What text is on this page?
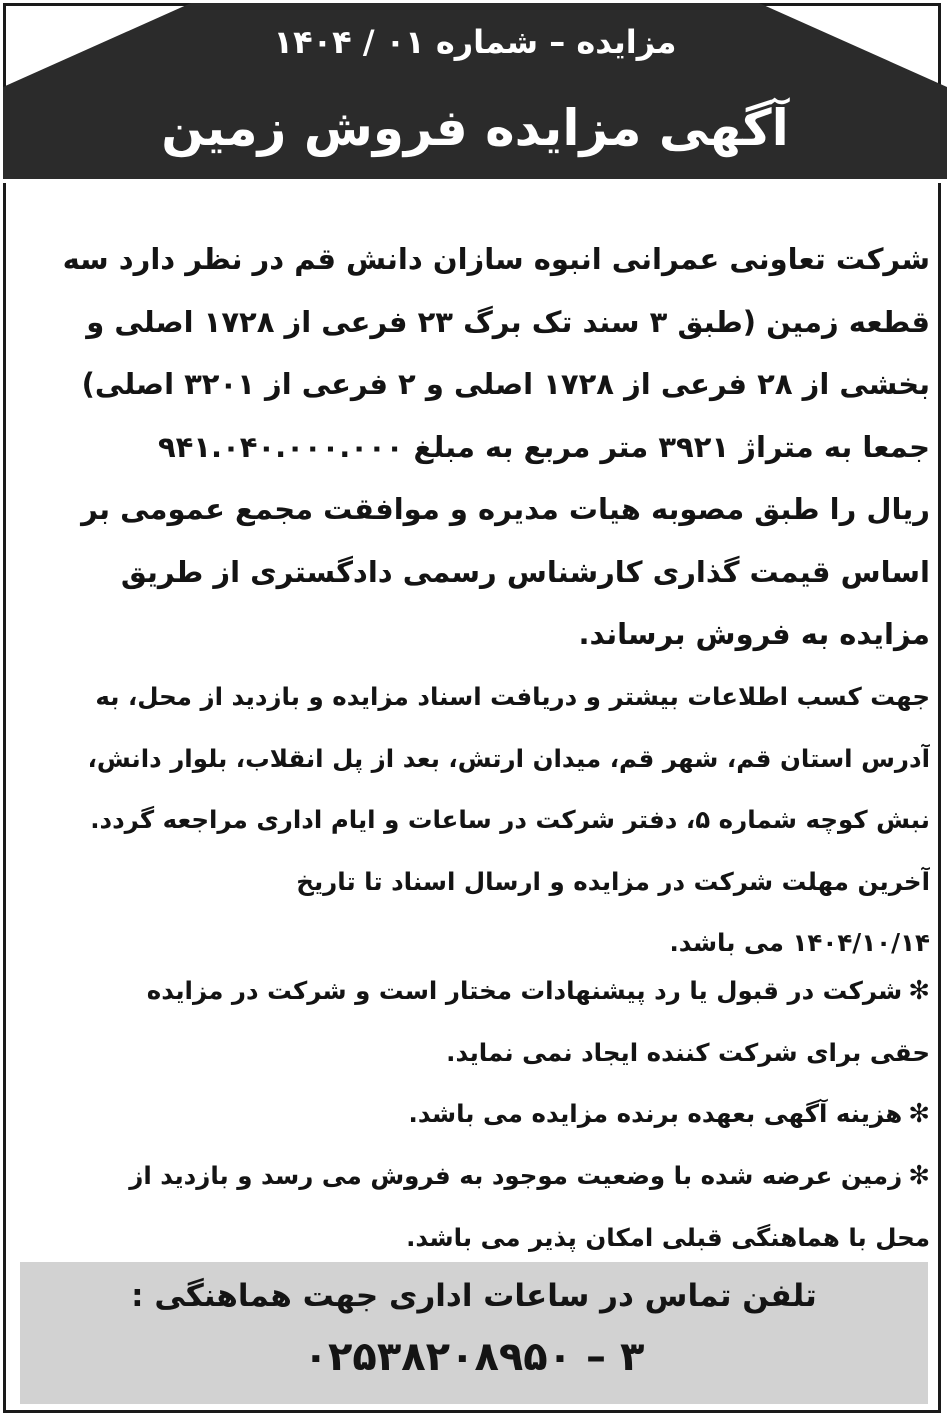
مزایده – شماره ۰۱ / ۱۴۰۴
آگهی مزایده فروش زمین
شرکت تعاونی عمرانی انبوه سازان دانش قم در نظر دارد سه
قطعه زمین (طبق ۳ سند تک برگ ۲۳ فرعی از ۱۷۲۸ اصلی و
بخشی از ۲۸ فرعی از ۱۷۲۸ اصلی و ۲ فرعی از ۳۲۰۱ اصلی)
جمعا به متراژ ۳۹۲۱ متر مربع به مبلغ ۹۴۱.۰۴۰.۰۰۰.۰۰۰
ریال را طبق مصوبه هیات مدیره و موافقت مجمع عمومی بر
اساس قیمت گذاری کارشناس رسمی دادگستری از طریق
مزایده به فروش برساند.
جهت کسب اطلاعات بیشتر و دریافت اسناد مزایده و بازدید از محل، به
آدرس استان قم، شهر قم، میدان ارتش، بعد از پل انقلاب، بلوار دانش،
نبش کوچه شماره ۵، دفتر شرکت در ساعات و ایام اداری مراجعه گردد.
آخرین مهلت شرکت در مزایده و ارسال اسناد تا تاریخ
۱۴۰۴/۱۰/۱۴ می باشد.
✻شرکت در قبول یا رد پیشنهادات مختار است و شرکت در مزایده
حقی برای شرکت کننده ایجاد نمی نماید.
✻هزینه آگهی بعهده برنده مزایده می باشد.
✻زمین عرضه شده با وضعیت موجود به فروش می رسد و بازدید از
محل با هماهنگی قبلی امکان پذیر می باشد.
تلفن تماس در ساعات اداری جهت هماهنگی :
۰۲۵۳۸۲۰۸۹۵۰ – ۳
